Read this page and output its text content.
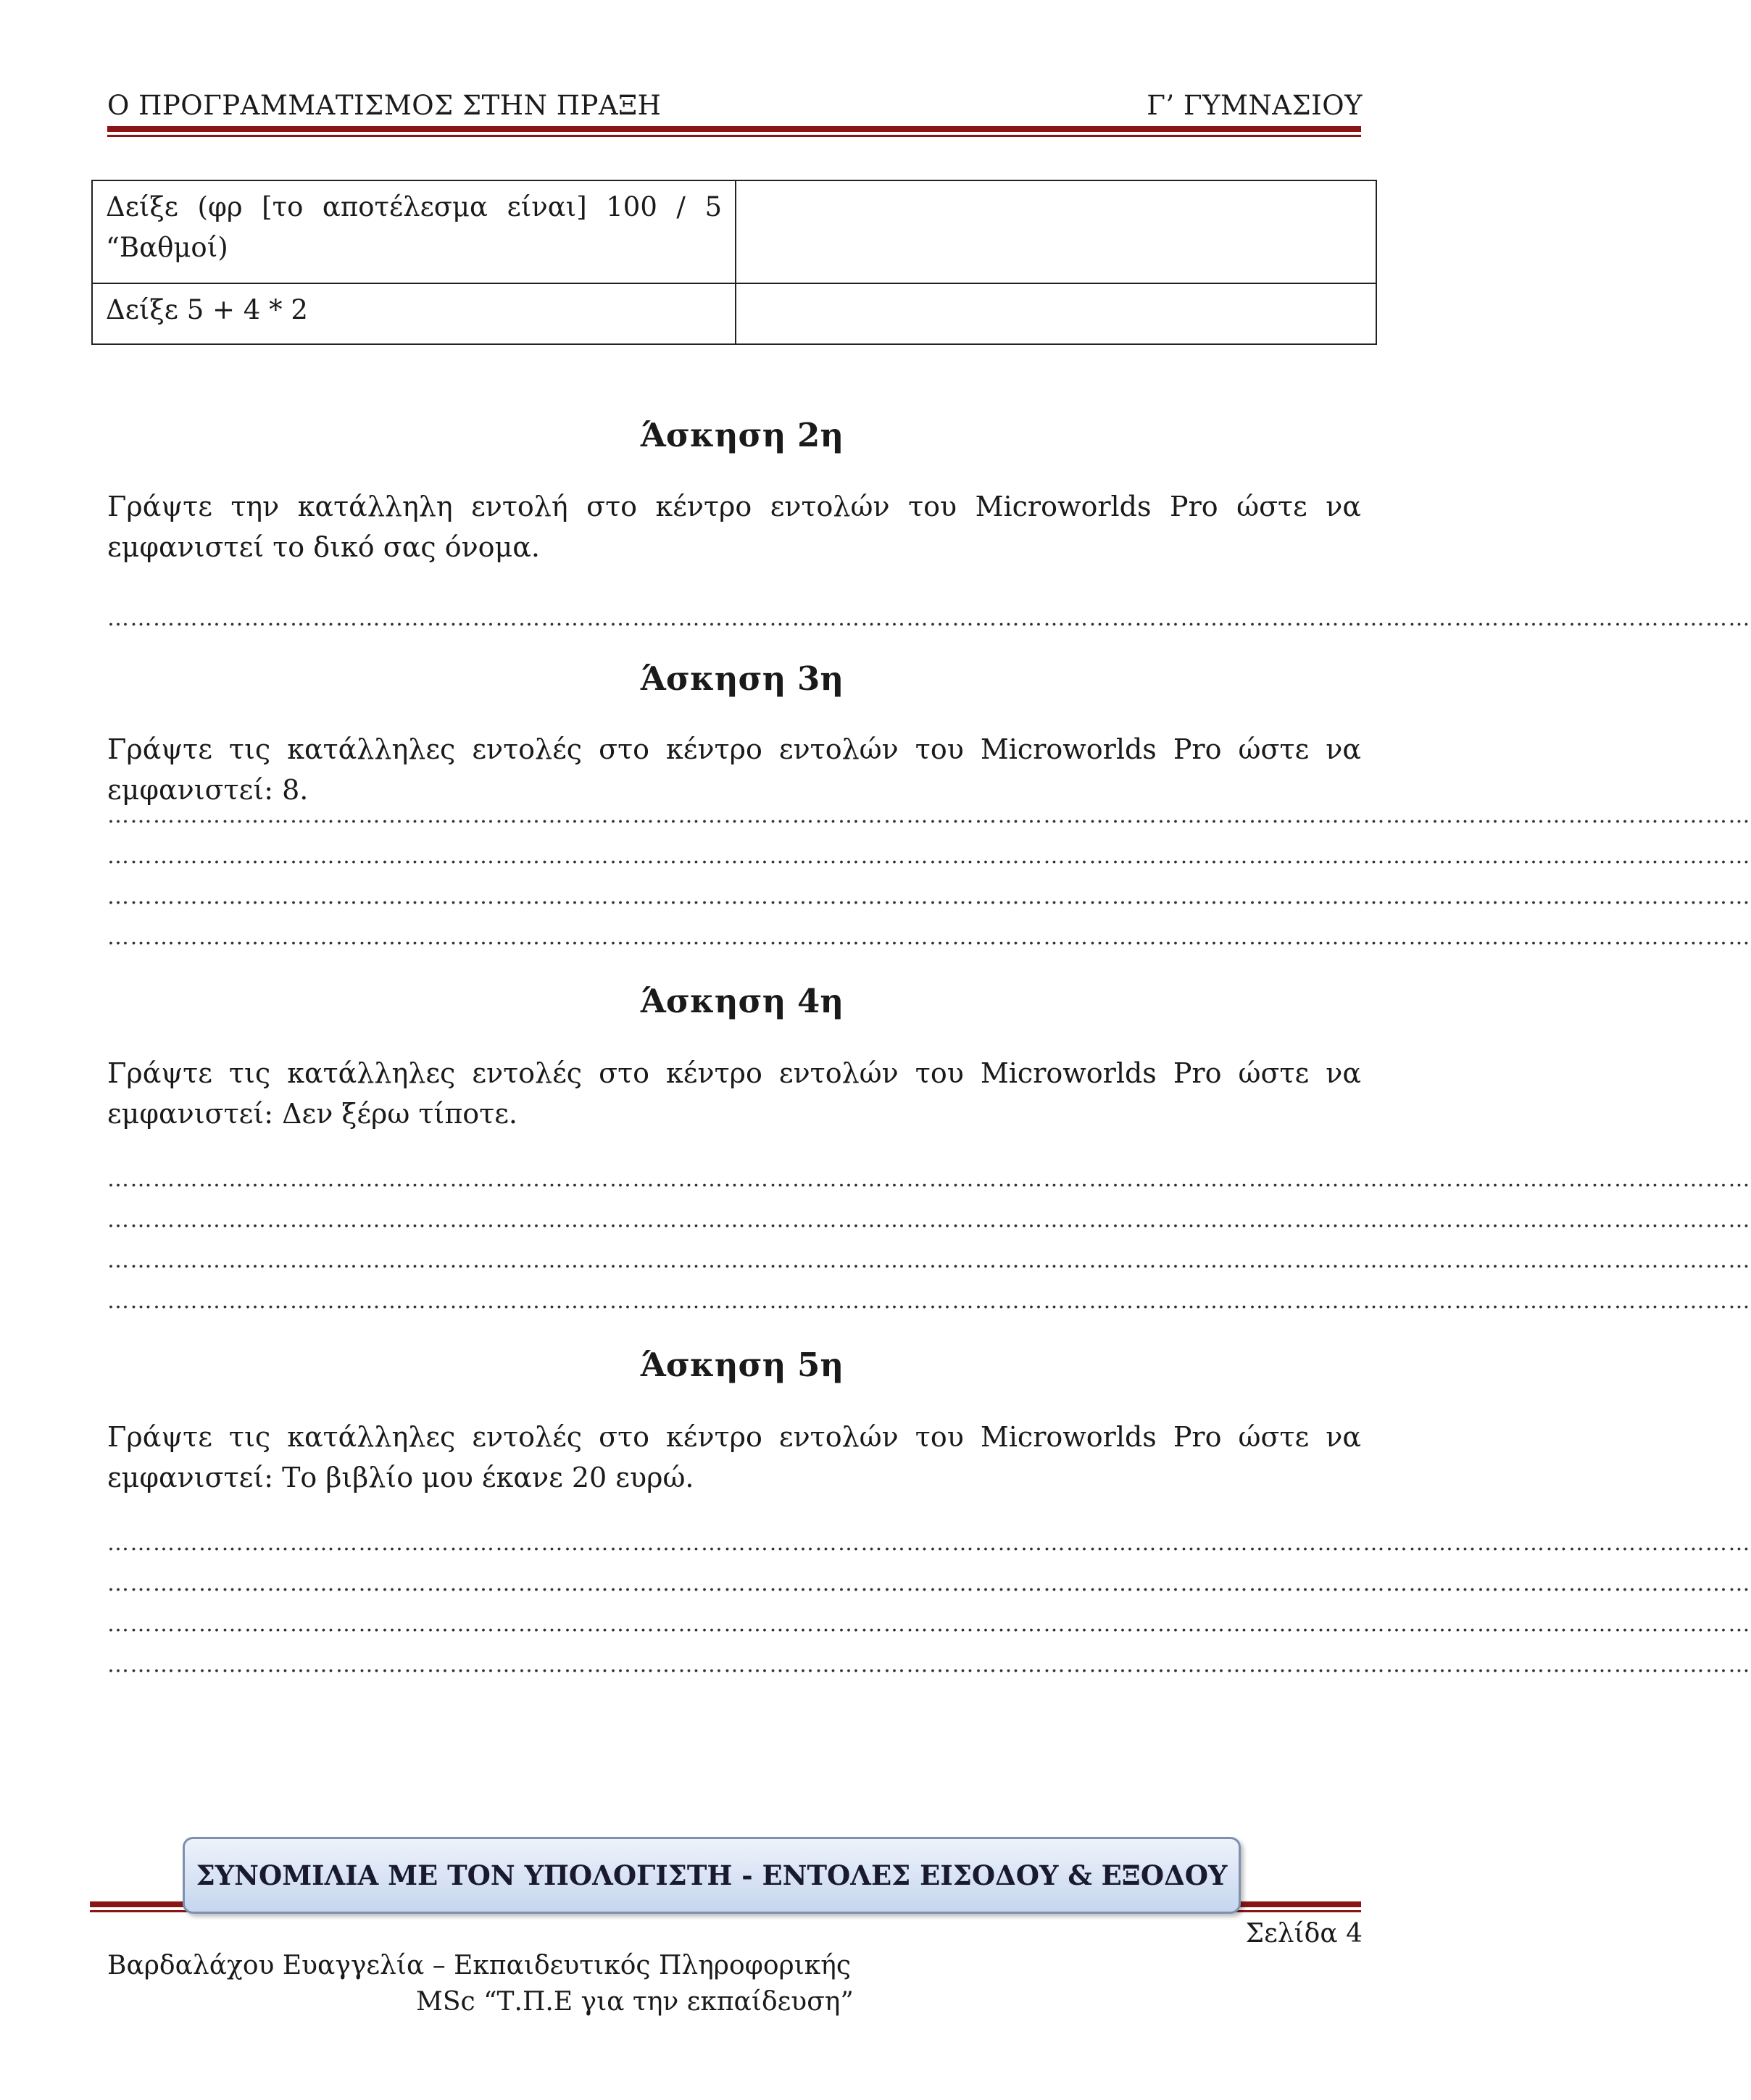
Ο ΠΡΟΓΡΑΜΜΑΤΙΣΜΟΣ ΣΤΗΝ ΠΡΑΞΗ	Γ’ ΓΥΜΝΑΣΙΟΥ
Δείξε (φρ [το αποτέλεσμα είναι] 100 / 5 “Βαθμοί)	
Δείξε 5 + 4 * 2	
Άσκηση 2η
Γράψτε την κατάλληλη εντολή στο κέντρο εντολών του Microworlds Pro ώστε να εμφανιστεί το δικό σας όνομα.
………………………………………………………………………………………………………………………………………………………………………………………………
Άσκηση 3η
Γράψτε τις κατάλληλες εντολές στο κέντρο εντολών του Microworlds Pro ώστε να εμφανιστεί: 8.
………………………………………………………………………………………………………………………………………………………………………………………………
………………………………………………………………………………………………………………………………………………………………………………………………
………………………………………………………………………………………………………………………………………………………………………………………………
………………………………………………………………………………………………………………………………………………………………………………………………
Άσκηση 4η
Γράψτε τις κατάλληλες εντολές στο κέντρο εντολών του Microworlds Pro ώστε να εμφανιστεί: Δεν ξέρω τίποτε.
………………………………………………………………………………………………………………………………………………………………………………………………
………………………………………………………………………………………………………………………………………………………………………………………………
………………………………………………………………………………………………………………………………………………………………………………………………
………………………………………………………………………………………………………………………………………………………………………………………………
Άσκηση 5η
Γράψτε τις κατάλληλες εντολές στο κέντρο εντολών του Microworlds Pro ώστε να εμφανιστεί: Το βιβλίο μου έκανε 20 ευρώ.
………………………………………………………………………………………………………………………………………………………………………………………………
………………………………………………………………………………………………………………………………………………………………………………………………
………………………………………………………………………………………………………………………………………………………………………………………………
………………………………………………………………………………………………………………………………………………………………………………………………
ΣΥΝΟΜΙΛΙΑ ΜΕ ΤΟΝ ΥΠΟΛΟΓΙΣΤΗ - ΕΝΤΟΛΕΣ ΕΙΣΟΔΟΥ & ΕΞΟΔΟΥ
Σελίδα 4
Βαρδαλάχου Ευαγγελία – Εκπαιδευτικός Πληροφορικής
MSc “Τ.Π.Ε για την εκπαίδευση”
